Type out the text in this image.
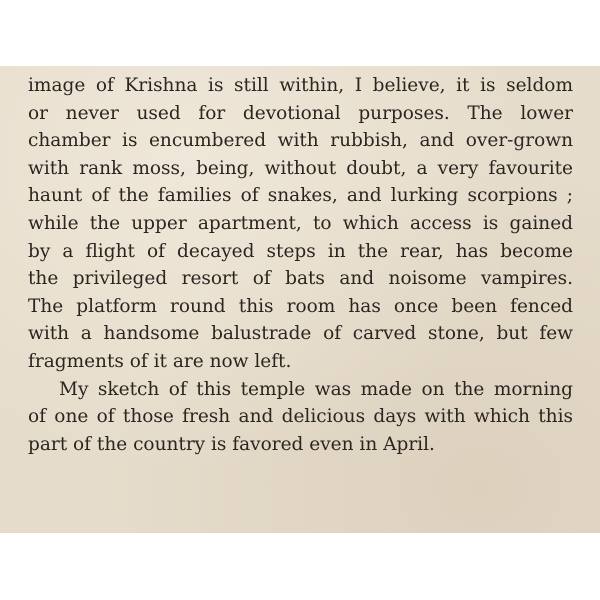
image of Krishna is still within, I believe, it is seldom
or never used for devotional purposes. The lower
chamber is encumbered with rubbish, and over-grown
with rank moss, being, without doubt, a very favourite
haunt of the families of snakes, and lurking scorpions ;
while the upper apartment, to which access is gained
by a flight of decayed steps in the rear, has become
the privileged resort of bats and noisome vampires.
The platform round this room has once been fenced
with a handsome balustrade of carved stone, but few
fragments of it are now left.

My sketch of this temple was made on the morning
of one of those fresh and delicious days with which this
part of the country is favored even in April.
